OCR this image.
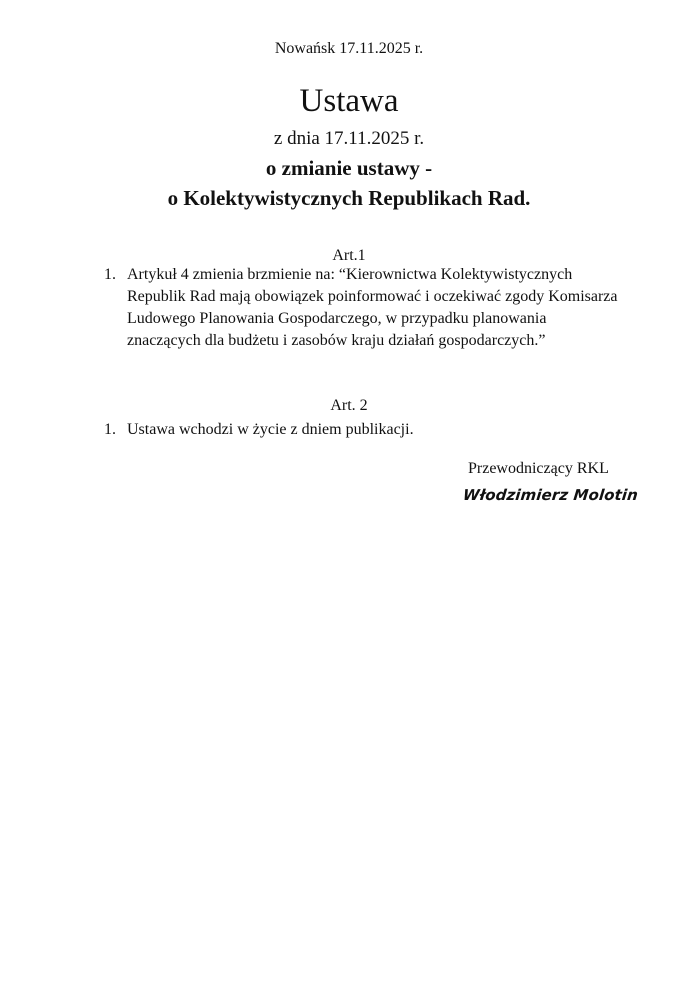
Nowańsk 17.11.2025 r.
Ustawa
z dnia 17.11.2025 r.
o zmianie ustawy -
o Kolektywistycznych Republikach Rad.
Art.1
1. Artykuł 4 zmienia brzmienie na: “Kierownictwa Kolektywistycznych Republik Rad mają obowiązek poinformować i oczekiwać zgody Komisarza Ludowego Planowania Gospodarczego, w przypadku planowania znaczących dla budżetu i zasobów kraju działań gospodarczych.”
Art. 2
1. Ustawa wchodzi w życie z dniem publikacji.
Przewodniczący RKL
Włodzimierz Molotin
